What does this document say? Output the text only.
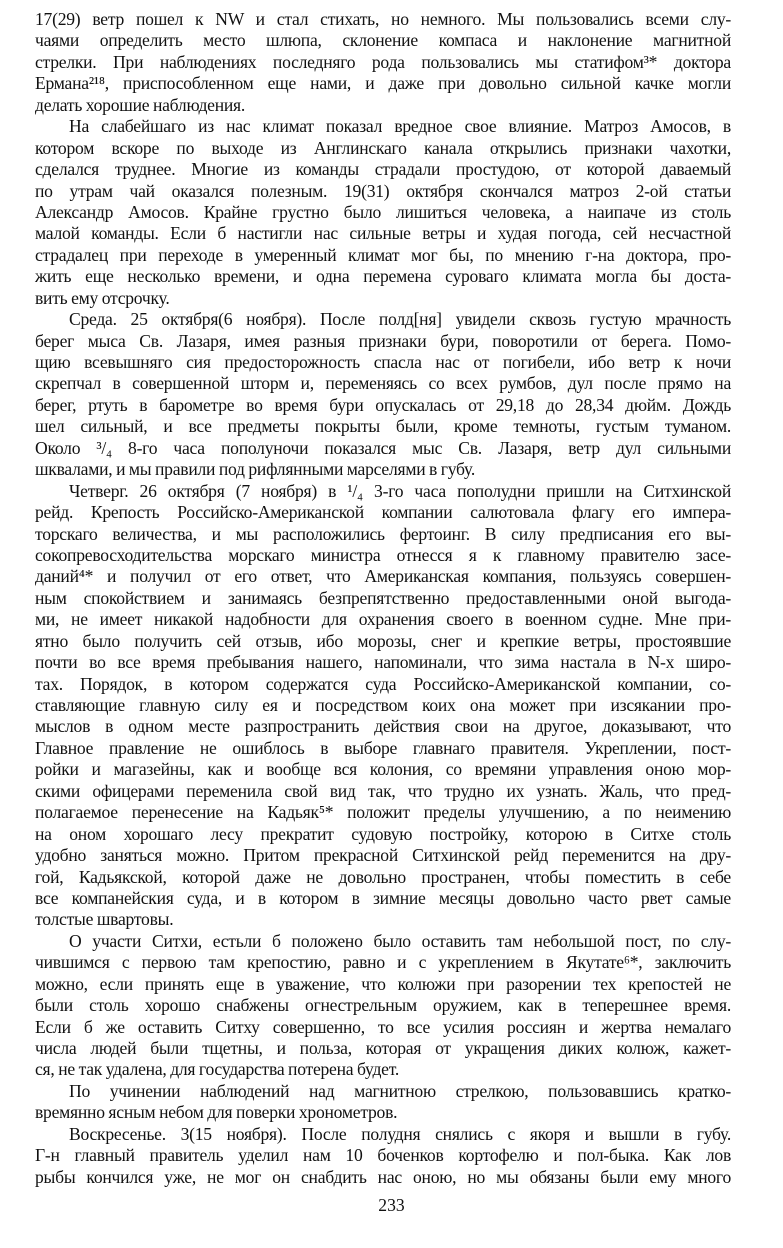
17(29) ветр пошел к NW и стал стихать, но немного. Мы пользовались всеми слу-
чаями определить место шлюпа, склонение компаса и наклонение магнитной
стрелки. При наблюдениях последняго рода пользовались мы статифом³* доктора
Ермана²¹⁸, приспособленном еще нами, и даже при довольно сильной качке могли
делать хорошие наблюдения.
На слабейшаго из нас климат показал вредное свое влияние. Матроз Амосов, в
котором вскоре по выходе из Англинскаго канала открылись признаки чахотки,
сделался труднее. Многие из команды страдали простудою, от которой даваемый
по утрам чай оказался полезным. 19(31) октября скончался матроз 2-ой статьи
Александр Амосов. Крайне грустно было лишиться человека, а наипаче из столь
малой команды. Если б настигли нас сильные ветры и худая погода, сей несчастной
страдалец при переходе в умеренный климат мог бы, по мнению г-на доктора, про-
жить еще несколько времени, и одна перемена суроваго климата могла бы доста-
вить ему отсрочку.
Среда. 25 октября(6 ноября). После полд[ня] увидели сквозь густую мрачность
берег мыса Св. Лазаря, имея разныя признаки бури, поворотили от берега. Помо-
щию всевышняго сия предосторожность спасла нас от погибели, ибо ветр к ночи
скрепчал в совершенной шторм и, переменяясь со всех румбов, дул после прямо на
берег, ртуть в барометре во время бури опускалась от 29,18 до 28,34 дюйм. Дождь
шел сильный, и все предметы покрыты были, кроме темноты, густым туманом.
Около ³/₄ 8-го часа пополуночи показался мыс Св. Лазаря, ветр дул сильными
шквалами, и мы правили под рифлянными марселями в губу.
Четверг. 26 октября (7 ноября) в ¹/₄ 3-го часа пополудни пришли на Ситхинской
рейд. Крепость Российско-Американской компании салютовала флагу его импера-
торскаго величества, и мы расположились фертоинг. В силу предписания его вы-
сокопревосходительства морскаго министра отнесся я к главному правителю засе-
даний⁴* и получил от его ответ, что Американская компания, пользуясь совершен-
ным спокойствием и занимаясь безпрепятственно предоставленными оной выгода-
ми, не имеет никакой надобности для охранения своего в военном судне. Мне при-
ятно было получить сей отзыв, ибо морозы, снег и крепкие ветры, простоявшие
почти во все время пребывания нашего, напоминали, что зима настала в N-х широ-
тах. Порядок, в котором содержатся суда Российско-Американской компании, со-
ставляющие главную силу ея и посредством коих она может при изсякании про-
мыслов в одном месте разпространить действия свои на другое, доказывают, что
Главное правление не ошиблось в выборе главнаго правителя. Укреплении, пост-
ройки и магазейны, как и вообще вся колония, со времяни управления оною мор-
скими офицерами переменила свой вид так, что трудно их узнать. Жаль, что пред-
полагаемое перенесение на Кадьяк⁵* положит пределы улучшению, а по неимению
на оном хорошаго лесу прекратит судовую постройку, которою в Ситхе столь
удобно заняться можно. Притом прекрасной Ситхинской рейд переменится на дру-
гой, Кадьякской, которой даже не довольно пространен, чтобы поместить в себе
все компанейския суда, и в котором в зимние месяцы довольно часто рвет самые
толстые швартовы.
О участи Ситхи, естьли б положено было оставить там небольшой пост, по слу-
чившимся с первою там крепостию, равно и с укреплением в Якутате⁶*, заключить
можно, если принять еще в уважение, что колюжи при разорении тех крепостей не
были столь хорошо снабжены огнестрельным оружием, как в теперешнее время.
Если б же оставить Ситху совершенно, то все усилия россиян и жертва немалаго
числа людей были тщетны, и польза, которая от укращения диких колюж, кажет-
ся, не так удалена, для государства потерена будет.
По учинении наблюдений над магнитною стрелкою, пользовавшись кратко-
времянно ясным небом для поверки хронометров.
Воскресенье. 3(15 ноября). После полудня снялись с якоря и вышли в губу.
Г-н главный правитель уделил нам 10 боченков кортофелю и пол-быка. Как лов
рыбы кончился уже, не мог он снабдить нас оною, но мы обязаны были ему много
233
